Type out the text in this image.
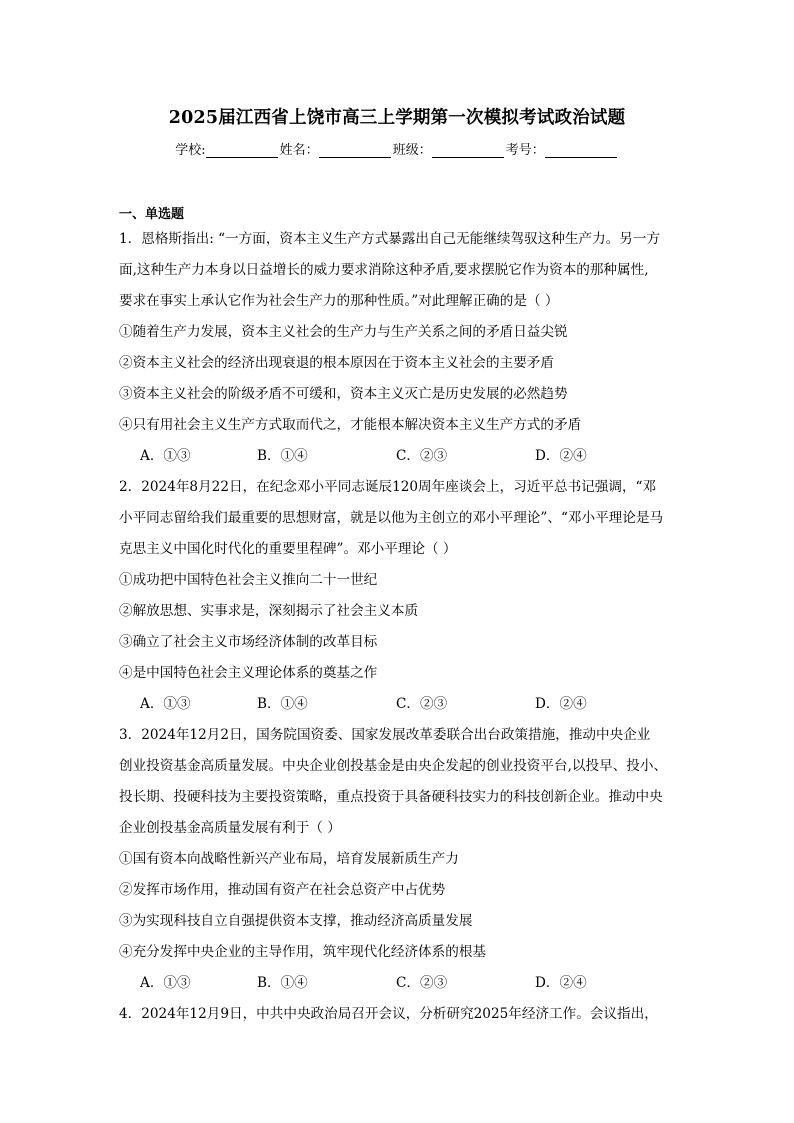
2025届江西省上饶市高三上学期第一次模拟考试政治试题
学校:	姓名：	班级：	考号：
一、单选题
1．恩格斯指出: “一方面，资本主义生产方式暴露出自己无能继续驾驭这种生产力。另一方
面,这种生产力本身以日益增长的威力要求消除这种矛盾,要求摆脱它作为资本的那种属性,
要求在事实上承认它作为社会生产力的那种性质。”对此理解正确的是（ ）
①随着生产力发展，资本主义社会的生产力与生产关系之间的矛盾日益尖锐
②资本主义社会的经济出现衰退的根本原因在于资本主义社会的主要矛盾
③资本主义社会的阶级矛盾不可缓和，资本主义灭亡是历史发展的必然趋势
④只有用社会主义生产方式取而代之，才能根本解决资本主义生产方式的矛盾
A．①③	B．①④	C．②③	D．②④
2．2024年8月22日，在纪念邓小平同志诞辰120周年座谈会上，习近平总书记强调，“邓
小平同志留给我们最重要的思想财富，就是以他为主创立的邓小平理论”、“邓小平理论是马
克思主义中国化时代化的重要里程碑”。邓小平理论（ ）
①成功把中国特色社会主义推向二十一世纪
②解放思想、实事求是，深刻揭示了社会主义本质
③确立了社会主义市场经济体制的改革目标
④是中国特色社会主义理论体系的奠基之作
A．①③	B．①④	C．②③	D．②④
3．2024年12月2日，国务院国资委、国家发展改革委联合出台政策措施，推动中央企业
创业投资基金高质量发展。中央企业创投基金是由央企发起的创业投资平台,以投早、投小、
投长期、投硬科技为主要投资策略，重点投资于具备硬科技实力的科技创新企业。推动中央
企业创投基金高质量发展有利于（ ）
①国有资本向战略性新兴产业布局，培育发展新质生产力
②发挥市场作用，推动国有资产在社会总资产中占优势
③为实现科技自立自强提供资本支撑，推动经济高质量发展
④充分发挥中央企业的主导作用，筑牢现代化经济体系的根基
A．①③	B．①④	C．②③	D．②④
4．2024年12月9日，中共中央政治局召开会议，分析研究2025年经济工作。会议指出，
